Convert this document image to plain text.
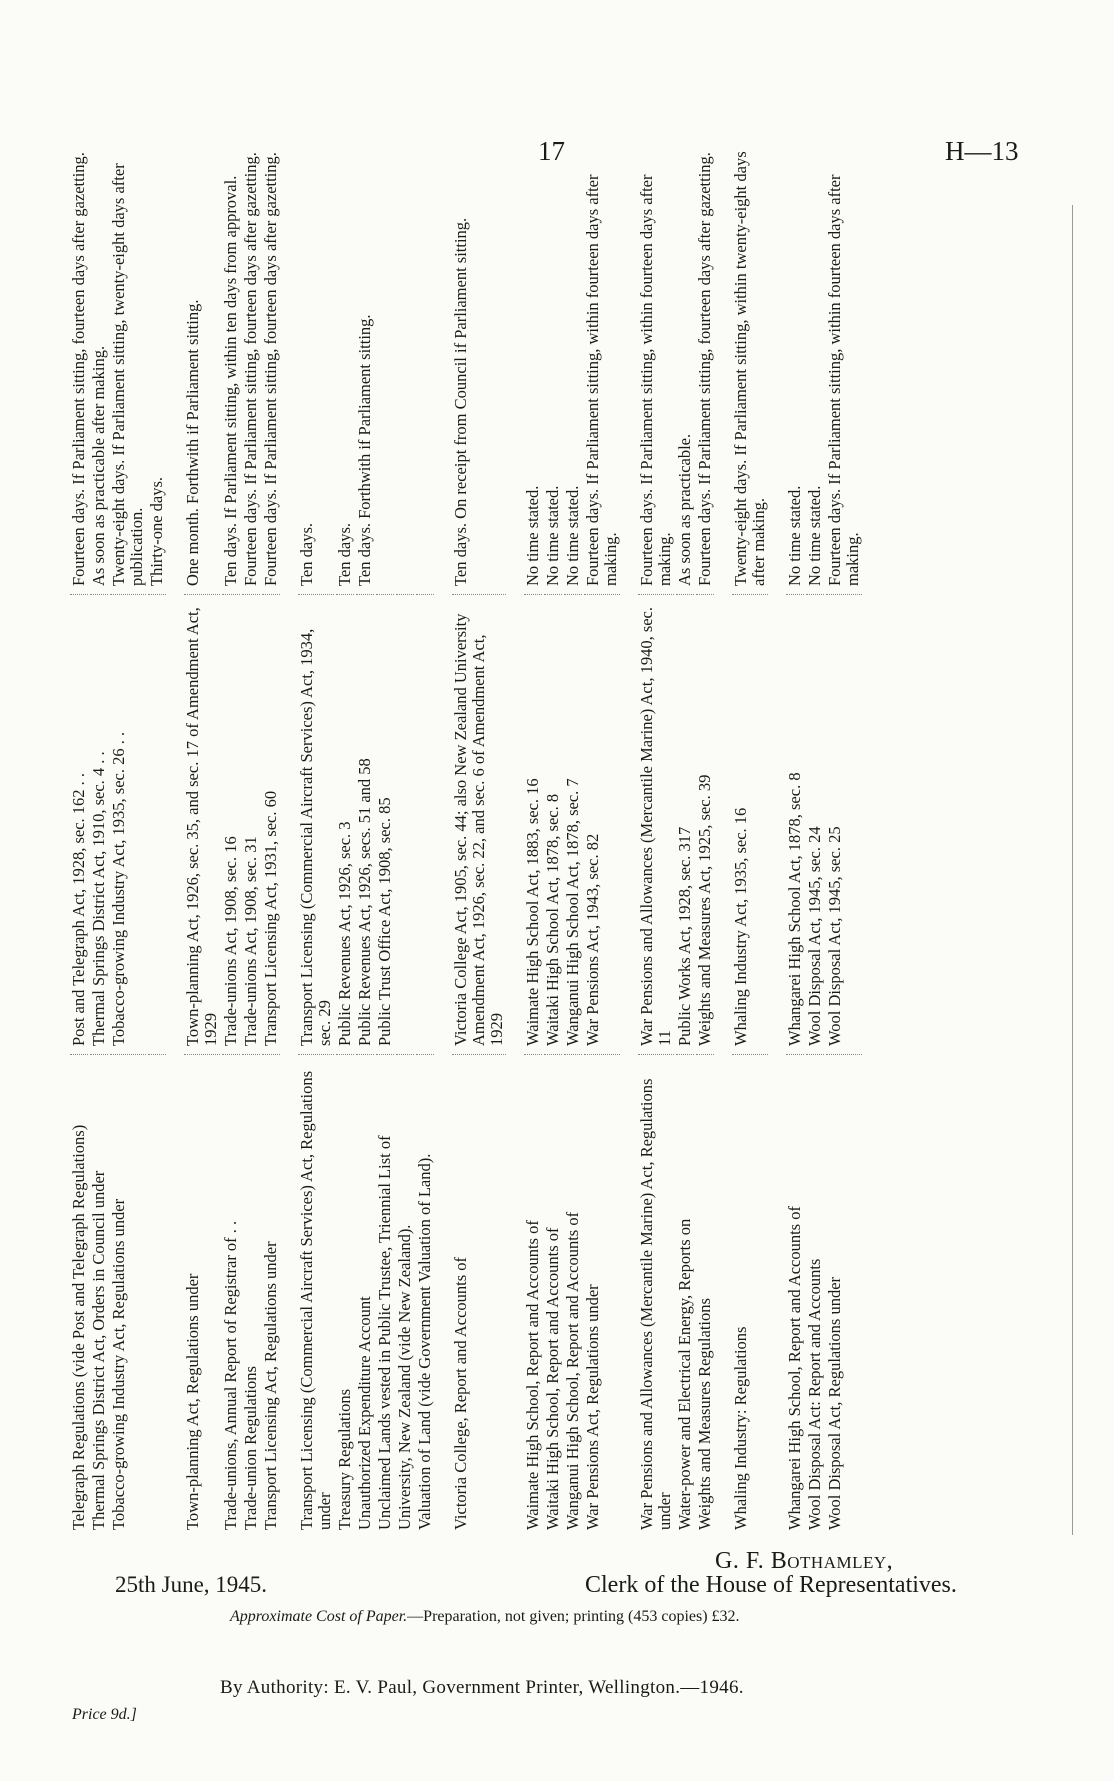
17	H—13
Telegraph Regulations (vide Post and Telegraph Regulations)
Post and Telegraph Act, 1928, sec. 162 . .
Fourteen days. If Parliament sitting, fourteen days after gazetting.
Thermal Springs District Act, Orders in Council under
Thermal Springs District Act, 1910, sec. 4 . .
As soon as practicable after making.
Tobacco-growing Industry Act, Regulations under
Tobacco-growing Industry Act, 1935, sec. 26 . .
Twenty-eight days. If Parliament sitting, twenty-eight days after publication. Thirty-one days.
Town-planning Act, Regulations under
Town-planning Act, 1926, sec. 35, and sec. 17 of Amendment Act, 1929
One month. Forthwith if Parliament sitting.
Trade-unions, Annual Report of Registrar of . .
Trade-unions Act, 1908, sec. 16
Ten days. If Parliament sitting, within ten days from approval.
Trade-union Regulations
Trade-unions Act, 1908, sec. 31
Fourteen days. If Parliament sitting, fourteen days after gazetting.
Transport Licensing Act, Regulations under
Transport Licensing Act, 1931, sec. 60
Fourteen days. If Parliament sitting, fourteen days after gazetting.
Transport Licensing (Commercial Aircraft Services) Act, Regulations under
Transport Licensing (Commercial Aircraft Services) Act, 1934, sec. 29
Ten days.
Treasury Regulations
Public Revenues Act, 1926, sec. 3
Ten days.
Unauthorized Expenditure Account
Public Revenues Act, 1926, secs. 51 and 58
Ten days. Forthwith if Parliament sitting.
Unclaimed Lands vested in Public Trustee, Triennial List of
Public Trust Office Act, 1908, sec. 85
University, New Zealand (vide New Zealand). Valuation of Land (vide Government Valuation of Land). Victoria College, Report and Accounts of
Victoria College Act, 1905, sec. 44; also New Zealand University Amendment Act, 1926, sec. 22, and sec. 6 of Amendment Act, 1929
Ten days. On receipt from Council if Parliament sitting.
Waimate High School, Report and Accounts of
Waimate High School Act, 1883, sec. 16
No time stated.
Waitaki High School, Report and Accounts of
Waitaki High School Act, 1878, sec. 8
No time stated.
Wanganui High School, Report and Accounts of
Wanganui High School Act, 1878, sec. 7
No time stated.
War Pensions Act, Regulations under
War Pensions Act, 1943, sec. 82
Fourteen days. If Parliament sitting, within fourteen days after making.
War Pensions and Allowances (Mercantile Marine) Act, Regulations under
War Pensions and Allowances (Mercantile Marine) Act, 1940, sec. 11
Fourteen days. If Parliament sitting, within fourteen days after making.
Water-power and Electrical Energy, Reports on
Public Works Act, 1928, sec. 317
As soon as practicable.
Weights and Measures Regulations
Weights and Measures Act, 1925, sec. 39
Fourteen days. If Parliament sitting, fourteen days after gazetting.
Whaling Industry: Regulations
Whaling Industry Act, 1935, sec. 16
Twenty-eight days. If Parliament sitting, within twenty-eight days after making.
Whangarei High School, Report and Accounts of
Whangarei High School Act, 1878, sec. 8
No time stated.
Wool Disposal Act: Report and Accounts
Wool Disposal Act, 1945, sec. 24
No time stated.
Wool Disposal Act, Regulations under
Wool Disposal Act, 1945, sec. 25
Fourteen days. If Parliament sitting, within fourteen days after making.
G. F. Bothamley,
25th June, 1945.	Clerk of the House of Representatives.
Approximate Cost of Paper.—Preparation, not given; printing (453 copies) £32.
By Authority: E. V. Paul, Government Printer, Wellington.—1946.
Price 9d.]
